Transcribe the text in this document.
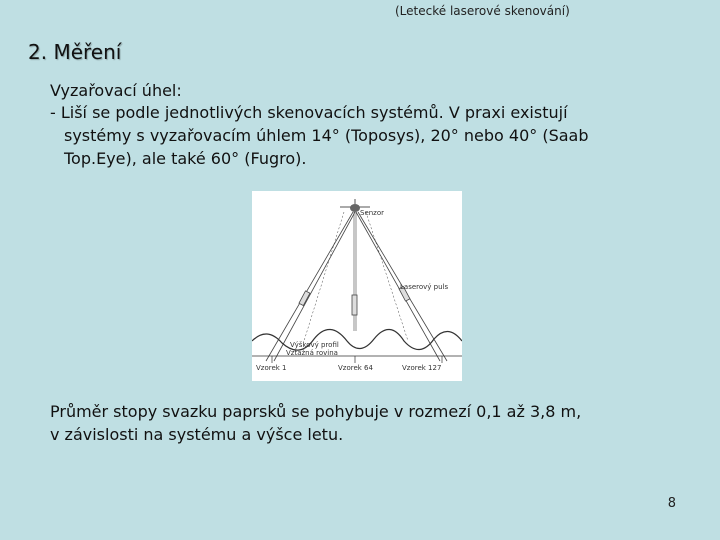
(Letecké laserové skenování)
2. Měření
Vyzařovací úhel:
- Liší se podle jednotlivých skenovacích systémů. V praxi existují
systémy s vyzařovacím úhlem 14° (Toposys), 20° nebo 40° (Saab
Top.Eye), ale také 60° (Fugro).
Senzor
Laserový puls
Výškový profil
Vztažná rovina
Vzorek 1	Vzorek 64	Vzorek 127
Průměr stopy svazku paprsků se pohybuje v rozmezí 0,1 až 3,8 m,
v závislosti na systému a výšce letu.
8
